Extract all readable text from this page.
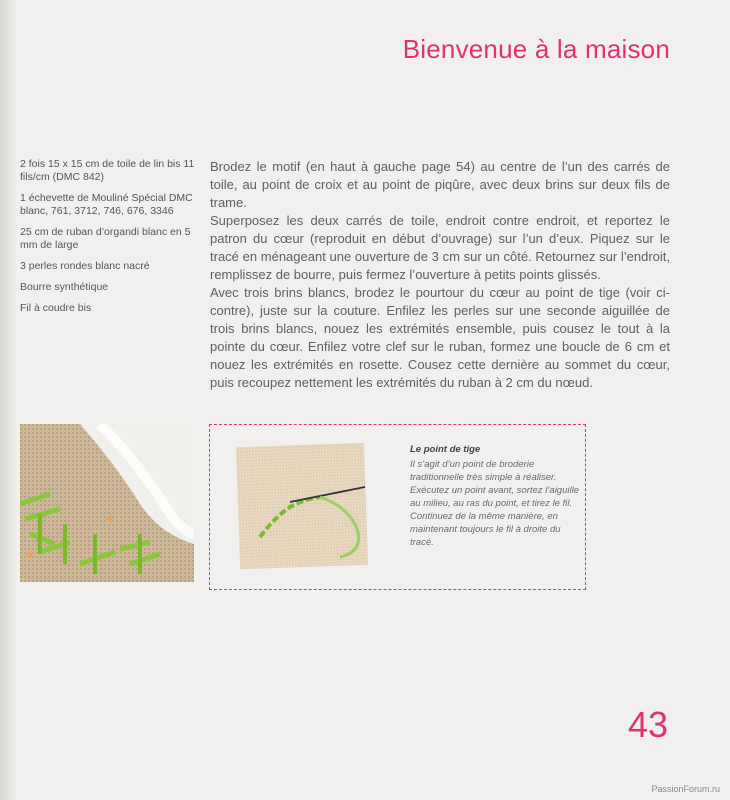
Bienvenue à la maison
2 fois 15 x 15 cm de toile de lin bis 11 fils/cm (DMC 842)
1 échevette de Mouliné Spécial DMC blanc, 761, 3712, 746, 676, 3346
25 cm de ruban d’organdi blanc en 5 mm de large
3 perles rondes blanc nacré
Bourre synthétique
Fil à coudre bis

Brodez le motif (en haut à gauche page 54) au centre de l’un des carrés de toile, au point de croix et au point de piqûre, avec deux brins sur deux fils de trame.

Superposez les deux carrés de toile, endroit contre endroit, et reportez le patron du cœur (reproduit en début d’ouvrage) sur l’un d’eux. Piquez sur le tracé en ménageant une ouverture de 3 cm sur un côté. Retournez sur l’endroit, remplissez de bourre, puis fermez l’ouverture à petits points glissés.

Avec trois brins blancs, brodez le pourtour du cœur au point de tige (voir ci-contre), juste sur la couture. Enfilez les perles sur une seconde aiguillée de trois brins blancs, nouez les extrémités ensemble, puis cousez le tout à la pointe du cœur. Enfilez votre clef sur le ruban, formez une boucle de 6 cm et nouez les extrémités en rosette. Cousez cette dernière au sommet du cœur, puis recoupez nettement les extrémités du ruban à 2 cm du nœud.

Le point de tige
Il s’agit d’un point de broderie traditionnelle très simple à réaliser. Exécutez un point avant, sortez l’aiguille au milieu, au ras du point, et tirez le fil. Continuez de la même manière, en maintenant toujours le fil à droite du tracé.
43
PassionForum.ru
